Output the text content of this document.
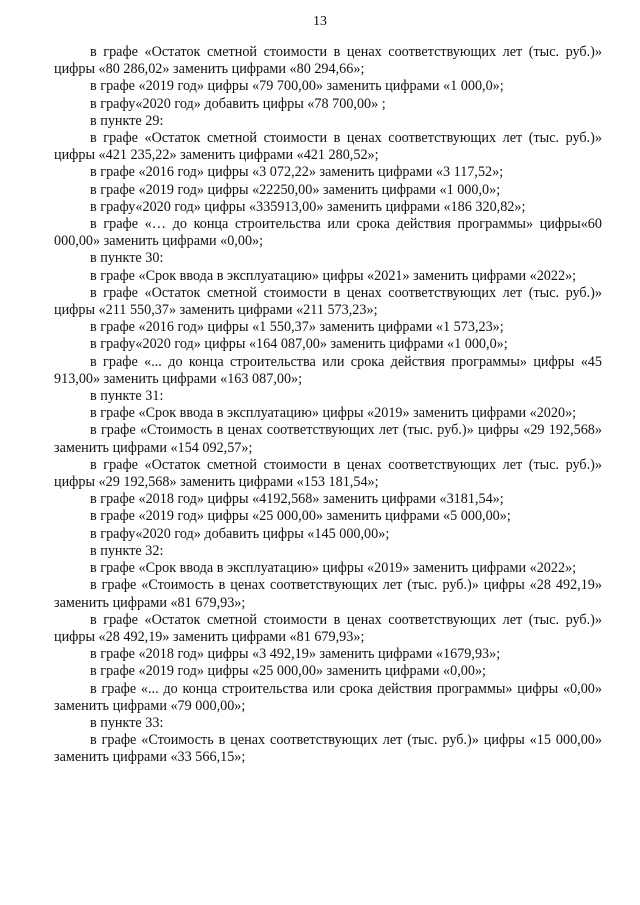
13

в графе «Остаток сметной стоимости в ценах соответствующих лет (тыс. руб.)» цифры «80 286,02» заменить цифрами «80 294,66»;

в графе «2019 год» цифры «79 700,00» заменить цифрами «1 000,0»;

в графу«2020 год» добавить цифры «78 700,00» ;

в пункте 29:

в графе «Остаток сметной стоимости в ценах соответствующих лет (тыс. руб.)» цифры «421 235,22» заменить цифрами «421 280,52»;

в графе «2016 год» цифры «3 072,22» заменить цифрами «3 117,52»;

в графе «2019 год» цифры «22250,00» заменить цифрами «1 000,0»;

в графу«2020 год» цифры «335913,00» заменить цифрами «186 320,82»;

в графе «… до конца строительства или срока действия программы» цифры«60 000,00» заменить цифрами «0,00»;

в пункте 30:

в графе «Срок ввода в эксплуатацию» цифры «2021» заменить цифрами «2022»;

в графе «Остаток сметной стоимости в ценах соответствующих лет (тыс. руб.)» цифры «211 550,37» заменить цифрами «211 573,23»;

в графе «2016 год» цифры «1 550,37» заменить цифрами «1 573,23»;

в графу«2020 год» цифры «164 087,00» заменить цифрами «1 000,0»;

в графе «... до конца строительства или срока действия программы» цифры «45 913,00» заменить цифрами «163 087,00»;

в пункте 31:

в графе «Срок ввода в эксплуатацию» цифры «2019» заменить цифрами «2020»;

в графе «Стоимость в ценах соответствующих лет (тыс. руб.)» цифры «29 192,568» заменить цифрами «154 092,57»;

в графе «Остаток сметной стоимости в ценах соответствующих лет (тыс. руб.)» цифры «29 192,568» заменить цифрами «153 181,54»;

в графе «2018 год» цифры «4192,568» заменить цифрами «3181,54»;

в графе «2019 год» цифры «25 000,00» заменить цифрами «5 000,00»;

в графу«2020 год» добавить цифры «145 000,00»;

в пункте 32:

в графе «Срок ввода в эксплуатацию» цифры «2019» заменить цифрами «2022»;

в графе «Стоимость в ценах соответствующих лет (тыс. руб.)» цифры «28 492,19» заменить цифрами «81 679,93»;

в графе «Остаток сметной стоимости в ценах соответствующих лет (тыс. руб.)» цифры «28 492,19» заменить цифрами «81 679,93»;

в графе «2018 год» цифры «3 492,19» заменить цифрами «1679,93»;

в графе «2019 год» цифры «25 000,00» заменить цифрами «0,00»;

в графе «... до конца строительства или срока действия программы» цифры «0,00» заменить цифрами «79 000,00»;

в пункте 33:

в графе «Стоимость в ценах соответствующих лет (тыс. руб.)» цифры «15 000,00» заменить цифрами «33 566,15»;
